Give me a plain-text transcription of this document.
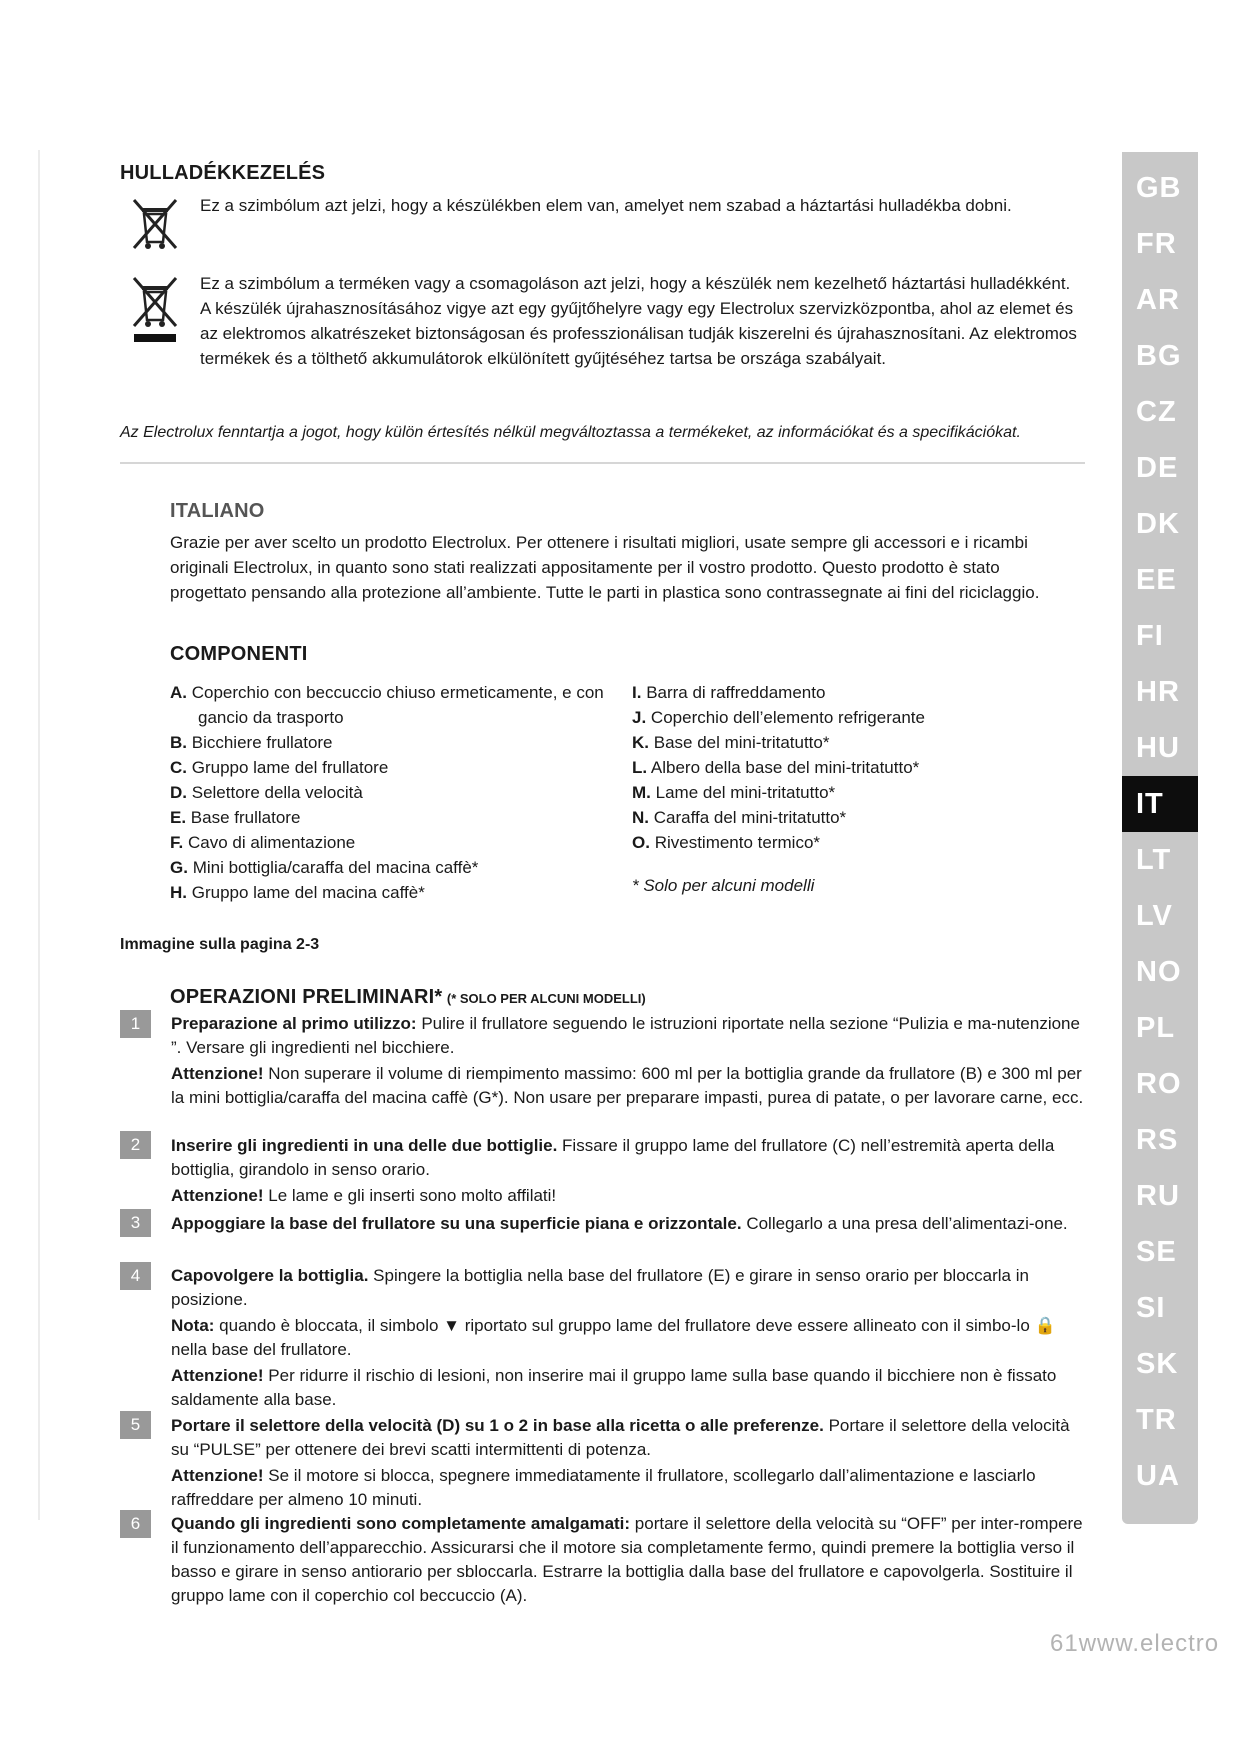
HULLADÉKKEZELÉS
Ez a szimbólum azt jelzi, hogy a készülékben elem van, amelyet nem szabad a háztartási hulladékba dobni.
Ez a szimbólum a terméken vagy a csomagoláson azt jelzi, hogy a készülék nem kezelhető háztartási hulladékként. A készülék újrahasznosításához vigye azt egy gyűjtőhelyre vagy egy Electrolux szervizközpontba, ahol az elemet és az elektromos alkatrészeket biztonságosan és professzionálisan tudják kiszerelni és újrahasznosítani. Az elektromos termékek és a tölthető akkumulátorok elkülönített gyűjtéséhez tartsa be országa szabályait.
Az Electrolux fenntartja a jogot, hogy külön értesítés nélkül megváltoztassa a termékeket, az információkat és a specifikációkat.
ITALIANO
Grazie per aver scelto un prodotto Electrolux. Per ottenere i risultati migliori, usate sempre gli accessori e i ricambi originali Electrolux, in quanto sono stati realizzati appositamente per il vostro prodotto. Questo prodotto è stato progettato pensando alla protezione all’ambiente. Tutte le parti in plastica sono contrassegnate ai fini del riciclaggio.
COMPONENTI
A. Coperchio con beccuccio chiuso ermeticamente, e con gancio da trasporto
B. Bicchiere frullatore
C. Gruppo lame del frullatore
D. Selettore della velocità
E. Base frullatore
F. Cavo di alimentazione
G. Mini bottiglia/caraffa del macina caffè*
H. Gruppo lame del macina caffè*
I. Barra di raffreddamento
J. Coperchio dell’elemento refrigerante
K. Base del mini-tritatutto*
L. Albero della base del mini-tritatutto*
M. Lame del mini-tritatutto*
N. Caraffa del mini-tritatutto*
O. Rivestimento termico*
* Solo per alcuni modelli
Immagine sulla pagina 2-3
OPERAZIONI PRELIMINARI* (* SOLO PER ALCUNI MODELLI)
1	Preparazione al primo utilizzo: Pulire il frullatore seguendo le istruzioni riportate nella sezione “Pulizia e ma-nutenzione ”. Versare gli ingredienti nel bicchiere.

Attenzione! Non superare il volume di riempimento massimo: 600 ml per la bottiglia grande da frullatore (B) e 300 ml per la mini bottiglia/caraffa del macina caffè (G*). Non usare per preparare impasti, purea di patate, o per lavorare carne, ecc.

2	Inserire gli ingredienti in una delle due bottiglie. Fissare il gruppo lame del frullatore (C) nell’estremità aperta della bottiglia, girandolo in senso orario.

Attenzione! Le lame e gli inserti sono molto affilati!

3	Appoggiare la base del frullatore su una superficie piana e orizzontale. Collegarlo a una presa dell’alimentazi-one.

4	Capovolgere la bottiglia. Spingere la bottiglia nella base del frullatore (E) e girare in senso orario per bloccarla in posizione.

Nota: quando è bloccata, il simbolo ▼ riportato sul gruppo lame del frullatore deve essere allineato con il simbo-lo 🔒 nella base del frullatore.

Attenzione! Per ridurre il rischio di lesioni, non inserire mai il gruppo lame sulla base quando il bicchiere non è fissato saldamente alla base.

5	Portare il selettore della velocità (D) su 1 o 2 in base alla ricetta o alle preferenze. Portare il selettore della velocità su “PULSE” per ottenere dei brevi scatti intermittenti di potenza.

Attenzione! Se il motore si blocca, spegnere immediatamente il frullatore, scollegarlo dall’alimentazione e lasciarlo raffreddare per almeno 10 minuti.

6	Quando gli ingredienti sono completamente amalgamati: portare il selettore della velocità su “OFF” per inter-rompere il funzionamento dell’apparecchio. Assicurarsi che il motore sia completamente fermo, quindi premere la bottiglia verso il basso e girare in senso antiorario per sbloccarla. Estrarre la bottiglia dalla base del frullatore e capovolgerla. Sostituire il gruppo lame con il coperchio col beccuccio (A).

GB
FR
AR
BG
CZ
DE
DK
EE
FI
HR
HU
IT
LT
LV
NO
PL
RO
RS
RU
SE
SI
SK
TR
UA
61www.electro
